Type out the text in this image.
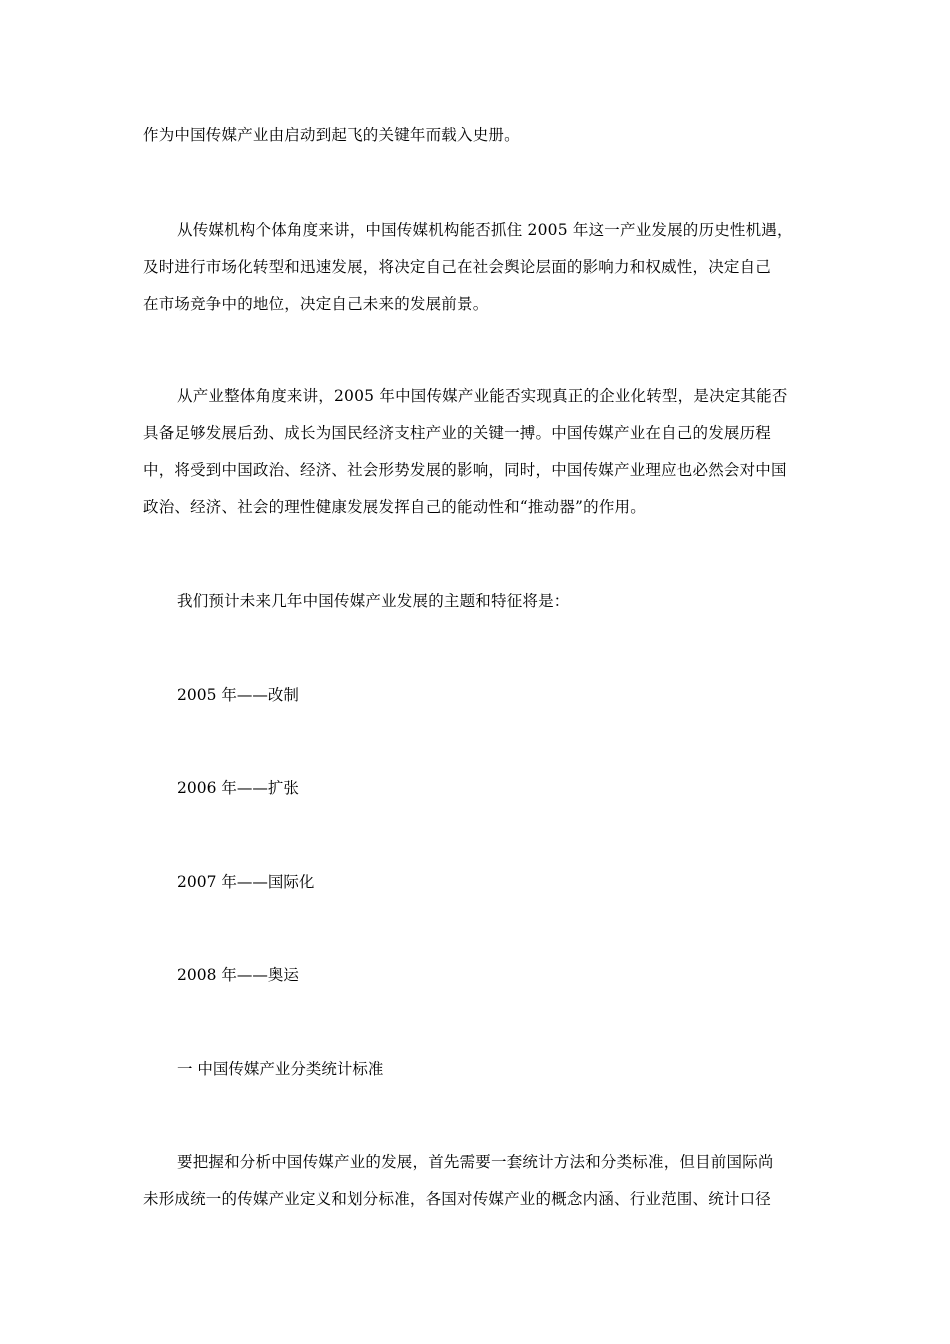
作为中国传媒产业由启动到起飞的关键年而载入史册。

从传媒机构个体角度来讲，中国传媒机构能否抓住 2005 年这一产业发展的历史性机遇，
及时进行市场化转型和迅速发展，将决定自己在社会舆论层面的影响力和权威性，决定自己
在市场竞争中的地位，决定自己未来的发展前景。

从产业整体角度来讲，2005 年中国传媒产业能否实现真正的企业化转型，是决定其能否
具备足够发展后劲、成长为国民经济支柱产业的关键一搏。中国传媒产业在自己的发展历程
中，将受到中国政治、经济、社会形势发展的影响，同时，中国传媒产业理应也必然会对中国
政治、经济、社会的理性健康发展发挥自己的能动性和“推动器”的作用。

我们预计未来几年中国传媒产业发展的主题和特征将是：

2005 年——改制

2006 年——扩张

2007 年——国际化

2008 年——奥运

一 中国传媒产业分类统计标准

要把握和分析中国传媒产业的发展，首先需要一套统计方法和分类标准，但目前国际尚
未形成统一的传媒产业定义和划分标准，各国对传媒产业的概念内涵、行业范围、统计口径
